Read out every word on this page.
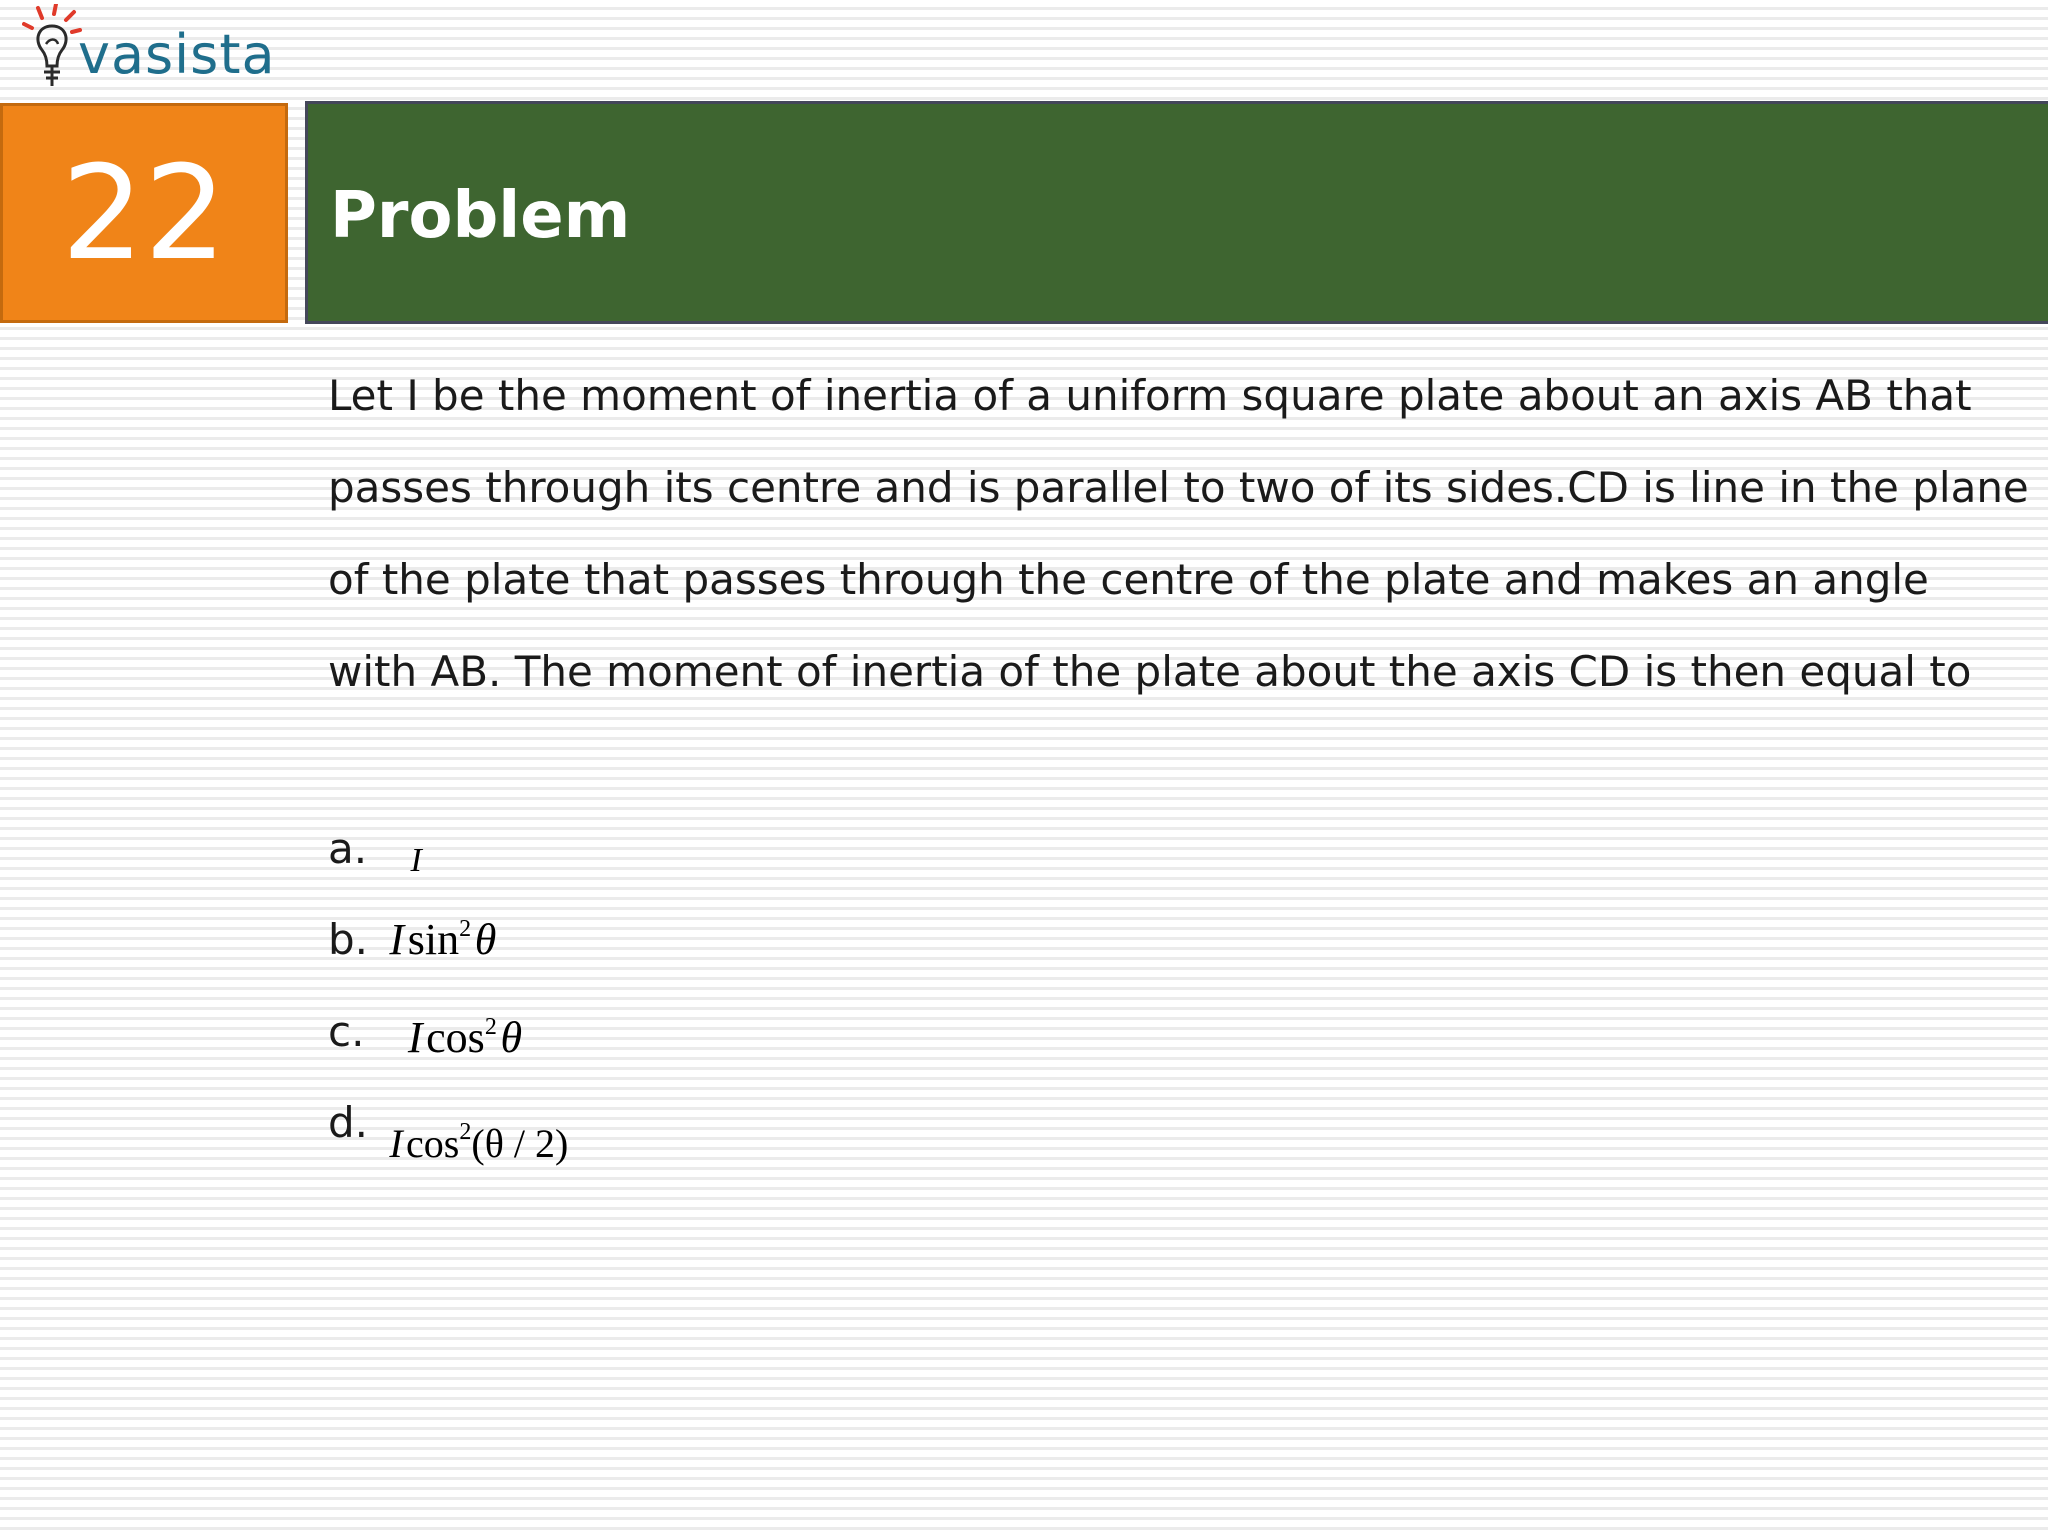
vasista
22 Problem
Let I be the moment of inertia of a uniform square plate about an axis AB that
passes through its centre and is parallel to two of its sides.CD is line in the plane
of the plate that passes through the centre of the plate and makes an angle
with AB. The moment of inertia of the plate about the axis CD is then equal to
a. I
b. I $\sin^2$ θ
c. I $\cos^2$ θ
d. I $\cos^2(\theta / 2)$
